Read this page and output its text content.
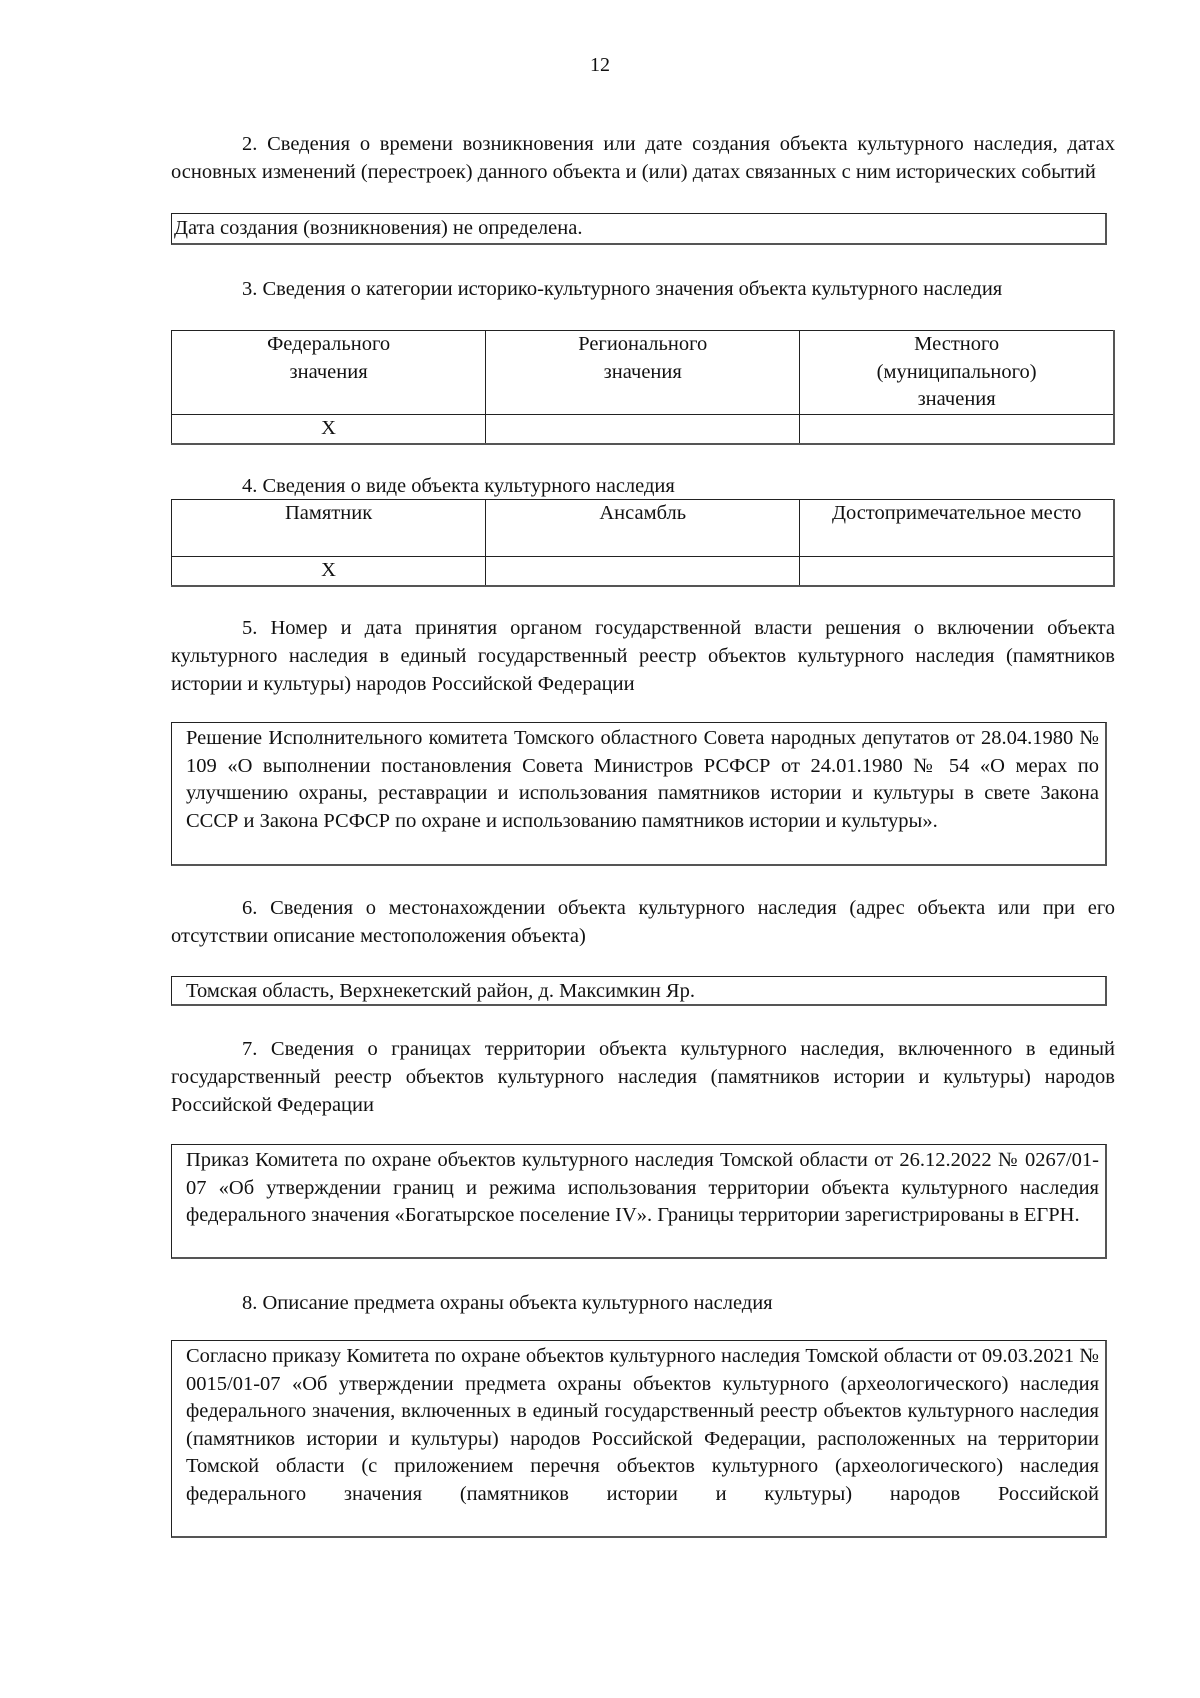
12
2. Сведения о времени возникновения или дате создания объекта культурного наследия, датах основных изменений (перестроек) данного объекта и (или) датах связанных с ним исторических событий
Дата создания (возникновения) не определена.
3. Сведения о категории историко-культурного значения объекта культурного наследия
Федерального значения	Регионального значения	Местного (муниципального) значения
X		
4. Сведения о виде объекта культурного наследия
Памятник	Ансамбль	Достопримечательное место
X		
5. Номер и дата принятия органом государственной власти решения о включении объекта культурного наследия в единый государственный реестр объектов культурного наследия (памятников истории и культуры) народов Российской Федерации
Решение Исполнительного комитета Томского областного Совета народных депутатов от 28.04.1980 № 109 «О выполнении постановления Совета Министров РСФСР от 24.01.1980 № 54 «О мерах по улучшению охраны, реставрации и использования памятников истории и культуры в свете Закона СССР и Закона РСФСР по охране и использованию памятников истории и культуры».
6. Сведения о местонахождении объекта культурного наследия (адрес объекта или при его отсутствии описание местоположения объекта)
Томская область, Верхнекетский район, д. Максимкин Яр.
7. Сведения о границах территории объекта культурного наследия, включенного в единый государственный реестр объектов культурного наследия (памятников истории и культуры) народов Российской Федерации
Приказ Комитета по охране объектов культурного наследия Томской области от 26.12.2022 № 0267/01-07 «Об утверждении границ и режима использования территории объекта культурного наследия федерального значения «Богатырское поселение IV». Границы территории зарегистрированы в ЕГРН.
8. Описание предмета охраны объекта культурного наследия
Согласно приказу Комитета по охране объектов культурного наследия Томской области от 09.03.2021 № 0015/01-07 «Об утверждении предмета охраны объектов культурного (археологического) наследия федерального значения, включенных в единый государственный реестр объектов культурного наследия (памятников истории и культуры) народов Российской Федерации, расположенных на территории Томской области (с приложением перечня объектов культурного (археологического) наследия федерального значения (памятников истории и культуры) народов Российской
